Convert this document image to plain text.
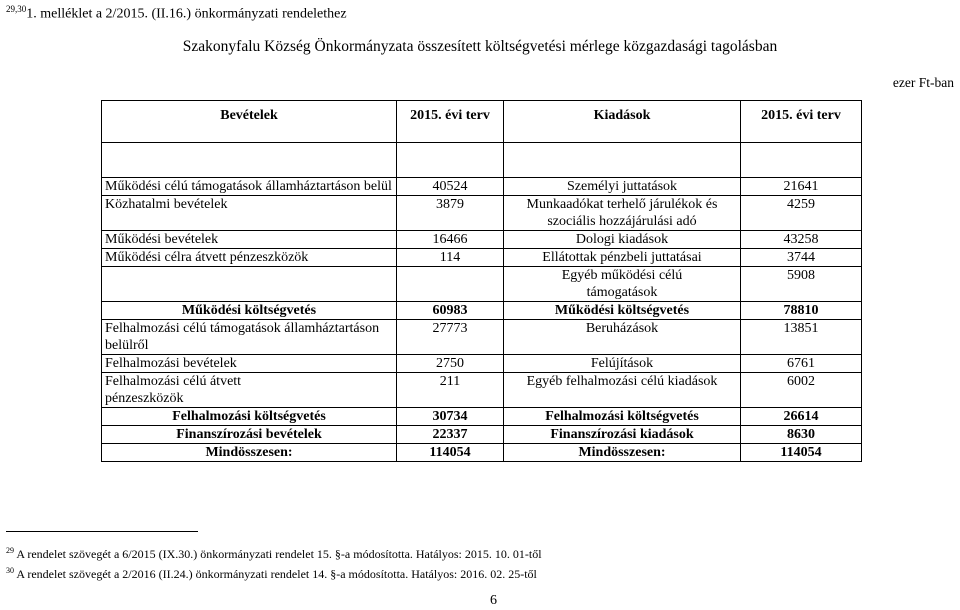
$^{29,30}$1. melléklet a 2/2015. (II.16.) önkormányzati rendelethez
Szakonyfalu Község Önkormányzata összesített költségvetési mérlege közgazdasági tagolásban
ezer Ft-ban
Bevételek	2015. évi terv	Kiadások	2015. évi terv

Működési célú támogatások államháztartáson belül	40524	Személyi juttatások	21641
Közhatalmi bevételek	3879	Munkaadókat terhelő járulékok és szociális hozzájárulási adó	4259
Működési bevételek	16466	Dologi kiadások	43258
Működési célra átvett pénzeszközök	114	Ellátottak pénzbeli juttatásai	3744
		Egyéb működési célú támogatások	5908
Működési költségvetés	60983	Működési költségvetés	78810
Felhalmozási célú támogatások államháztartáson belülről	27773	Beruházások	13851
Felhalmozási bevételek	2750	Felújítások	6761
Felhalmozási célú átvett pénzeszközök	211	Egyéb felhalmozási célú kiadások	6002
Felhalmozási költségvetés	30734	Felhalmozási költségvetés	26614
Finanszírozási bevételek	22337	Finanszírozási kiadások	8630
Mindösszesen:	114054	Mindösszesen:	114054
$^{29}$ A rendelet szövegét a 6/2015 (IX.30.) önkormányzati rendelet 15. §-a módosította. Hatályos: 2015. 10. 01-től
$^{30}$ A rendelet szövegét a 2/2016 (II.24.) önkormányzati rendelet 14. §-a módosította. Hatályos: 2016. 02. 25-től
6
